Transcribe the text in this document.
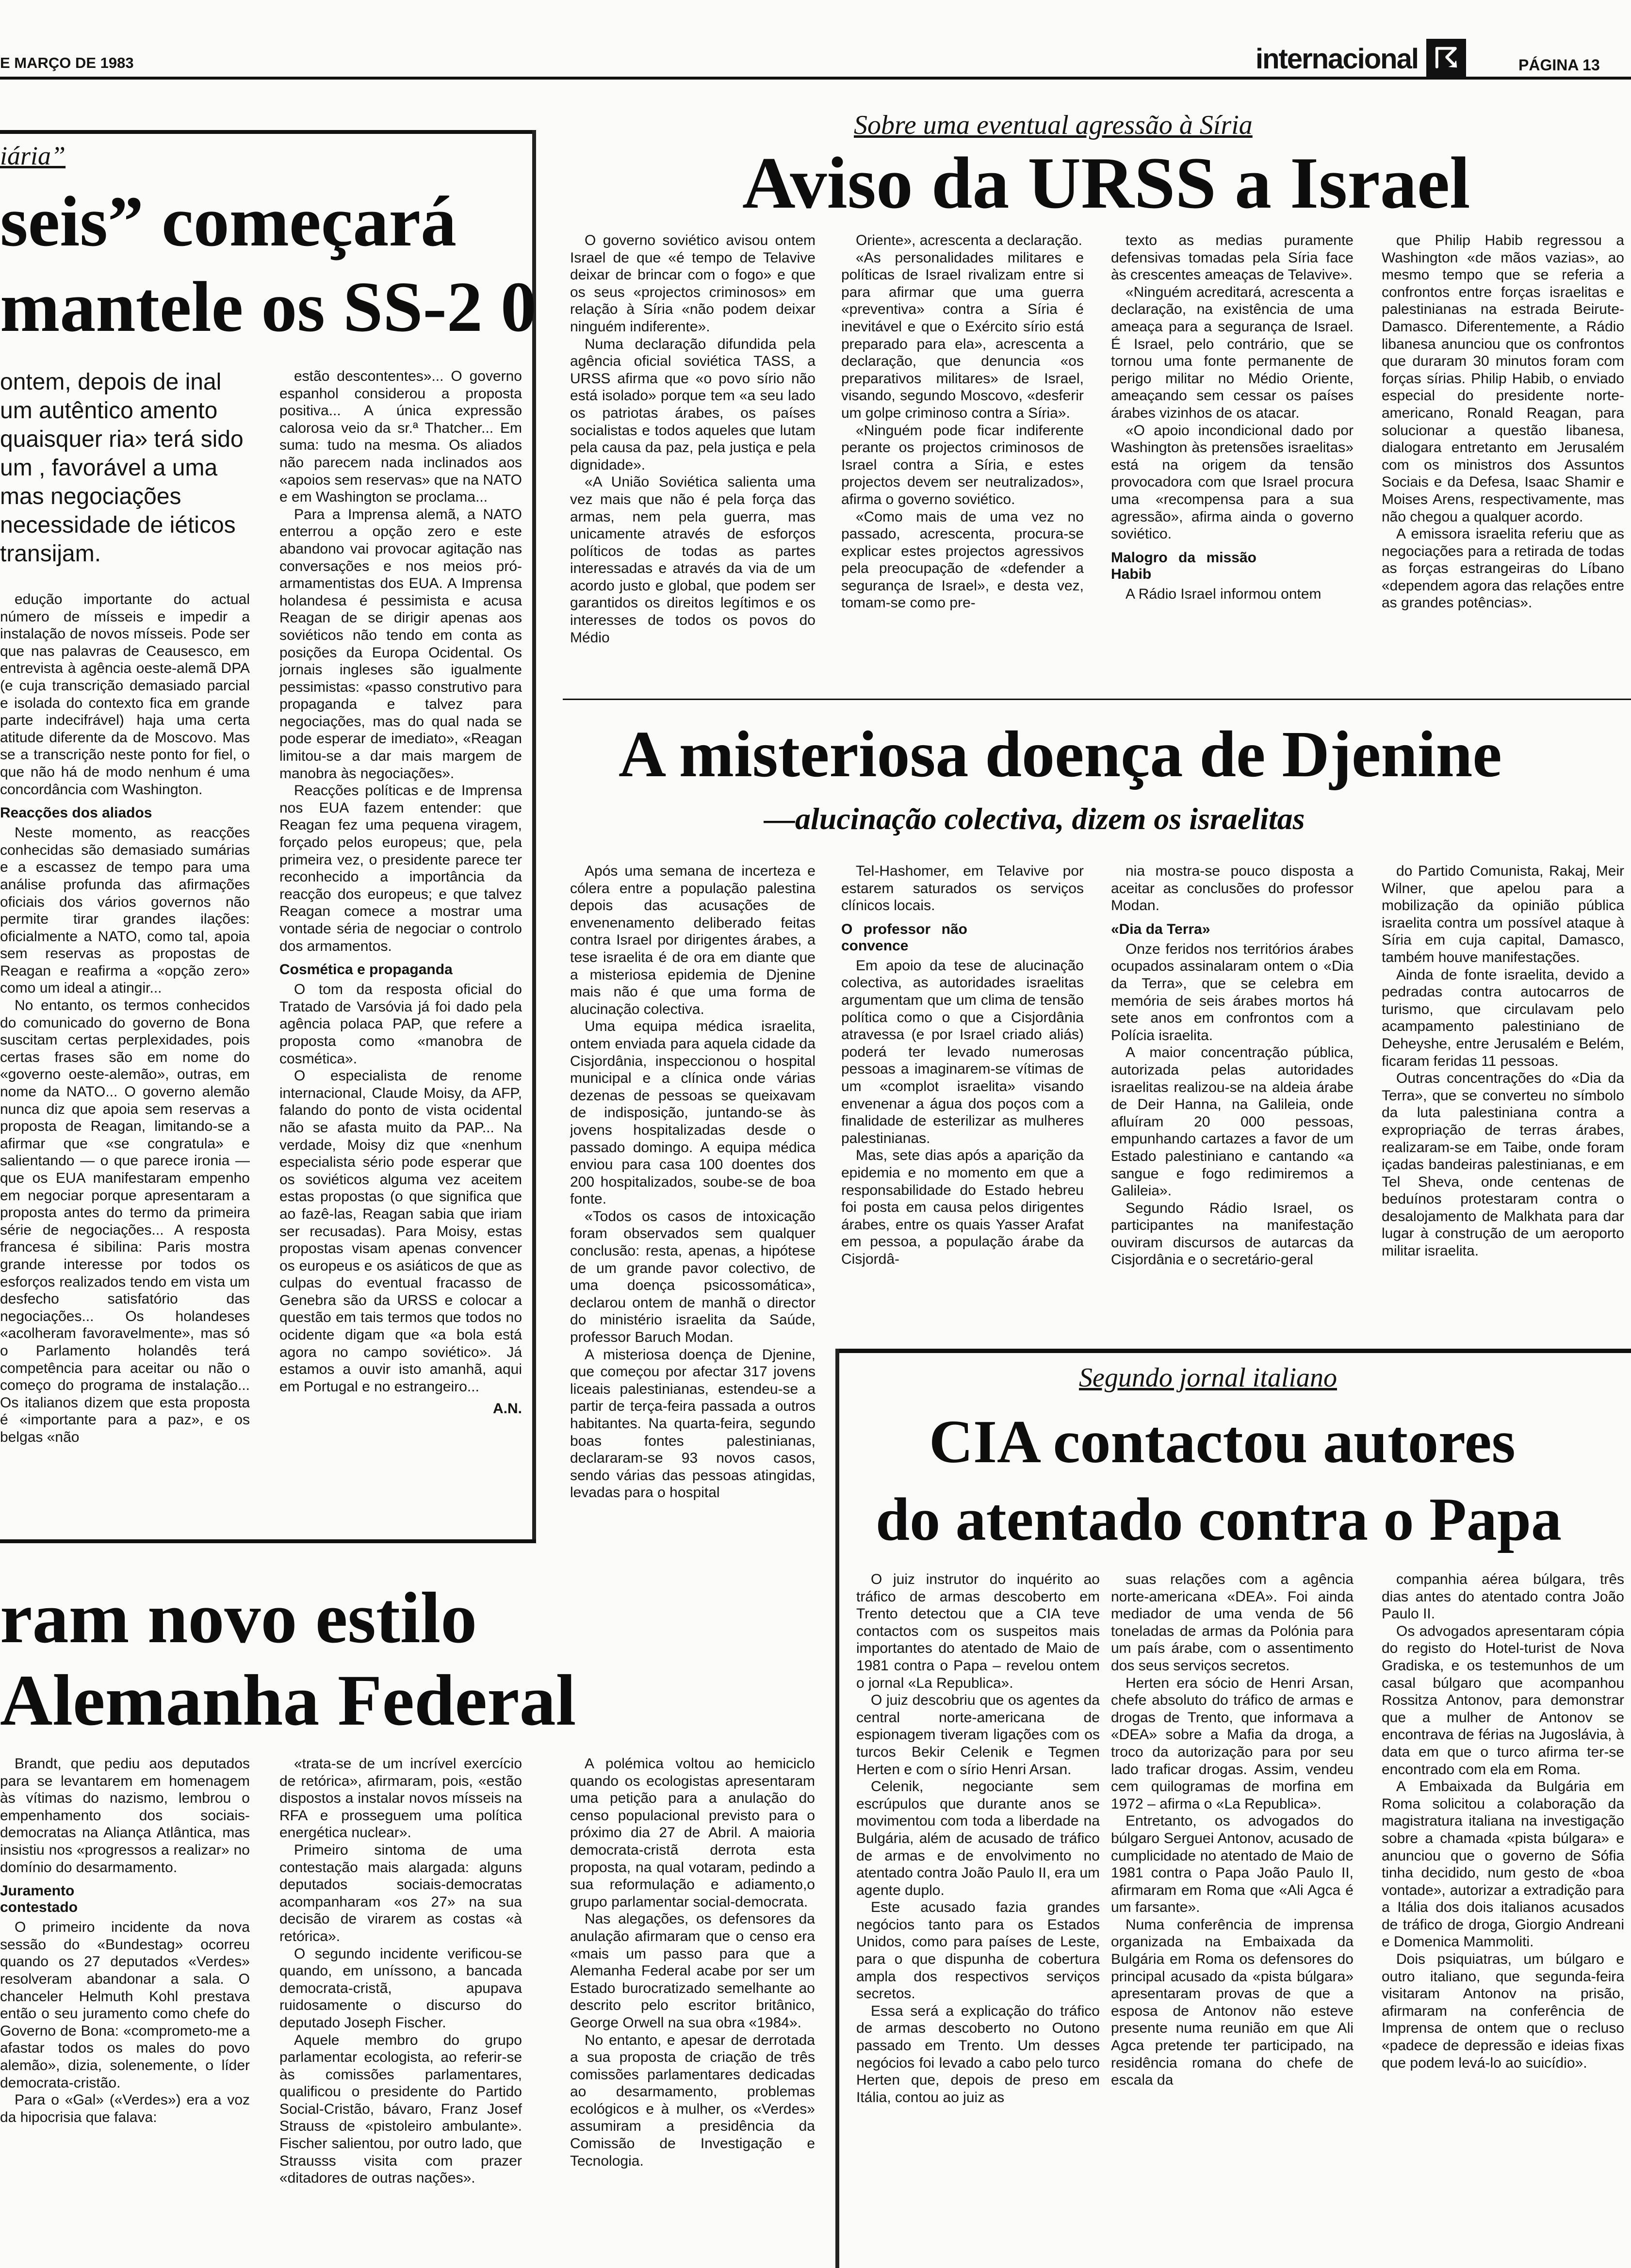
E MARÇO DE 1983	internacional ☈	PÁGINA 13
iária”
seis” começará
mantele os SS-2 0
ontem, depois de inal um autêntico amento quaisquer ria» terá sido um , favorável a uma mas negociações necessidade de iéticos transijam.

edução importante do actual número de mísseis e impedir a instalação de novos mísseis. Pode ser que nas palavras de Ceausesco, em entrevista à agência oeste-alemã DPA (e cuja transcrição demasiado parcial e isolada do contexto fica em grande parte indecifrável) haja uma certa atitude diferente da de Moscovo. Mas se a transcrição neste ponto for fiel, o que não há de modo nenhum é uma concordância com Washington.

Reacções dos aliados

Neste momento, as reacções conhecidas são demasiado sumárias e a escassez de tempo para uma análise profunda das afirmações oficiais dos vários governos não permite tirar grandes ilações: oficialmente a NATO, como tal, apoia sem reservas as propostas de Reagan e reafirma a «opção zero» como um ideal a atingir...

No entanto, os termos conhecidos do comunicado do governo de Bona suscitam certas perplexidades, pois certas frases são em nome do «governo oeste-alemão», outras, em nome da NATO... O governo alemão nunca diz que apoia sem reservas a proposta de Reagan, limitando-se a afirmar que «se congratula» e salientando — o que parece ironia — que os EUA manifestaram empenho em negociar porque apresentaram a proposta antes do termo da primeira série de negociações... A resposta francesa é sibilina: Paris mostra grande interesse por todos os esforços realizados tendo em vista um desfecho satisfatório das negociações... Os holandeses «acolheram favoravelmente», mas só o Parlamento holandês terá competência para aceitar ou não o começo do programa de instalação... Os italianos dizem que esta proposta é «importante para a paz», e os belgas «não

estão descontentes»... O governo espanhol considerou a proposta positiva... A única expressão calorosa veio da sr.ª Thatcher... Em suma: tudo na mesma. Os aliados não parecem nada inclinados aos «apoios sem reservas» que na NATO e em Washington se proclama...

Para a Imprensa alemã, a NATO enterrou a opção zero e este abandono vai provocar agitação nas conversações e nos meios pró-armamentistas dos EUA. A Imprensa holandesa é pessimista e acusa Reagan de se dirigir apenas aos soviéticos não tendo em conta as posições da Europa Ocidental. Os jornais ingleses são igualmente pessimistas: «passo construtivo para propaganda e talvez para negociações, mas do qual nada se pode esperar de imediato», «Reagan limitou-se a dar mais margem de manobra às negociações».

Reacções políticas e de Imprensa nos EUA fazem entender: que Reagan fez uma pequena viragem, forçado pelos europeus; que, pela primeira vez, o presidente parece ter reconhecido a importância da reacção dos europeus; e que talvez Reagan comece a mostrar uma vontade séria de negociar o controlo dos armamentos.

Cosmética e propaganda

O tom da resposta oficial do Tratado de Varsóvia já foi dado pela agência polaca PAP, que refere a proposta como «manobra de cosmética».

O especialista de renome internacional, Claude Moisy, da AFP, falando do ponto de vista ocidental não se afasta muito da PAP... Na verdade, Moisy diz que «nenhum especialista sério pode esperar que os soviéticos alguma vez aceitem estas propostas (o que significa que ao fazê-las, Reagan sabia que iriam ser recusadas). Para Moisy, estas propostas visam apenas convencer os europeus e os asiáticos de que as culpas do eventual fracasso de Genebra são da URSS e colocar a questão em tais termos que todos no ocidente digam que «a bola está agora no campo soviético». Já estamos a ouvir isto amanhã, aqui em Portugal e no estrangeiro...

A.N.

Sobre uma eventual agressão à Síria
Aviso da URSS a Israel

O governo soviético avisou ontem Israel de que «é tempo de Telavive deixar de brincar com o fogo» e que os seus «projectos criminosos» em relação à Síria «não podem deixar ninguém indiferente».

Numa declaração difundida pela agência oficial soviética TASS, a URSS afirma que «o povo sírio não está isolado» porque tem «a seu lado os patriotas árabes, os países socialistas e todos aqueles que lutam pela causa da paz, pela justiça e pela dignidade».

«A União Soviética salienta uma vez mais que não é pela força das armas, nem pela guerra, mas unicamente através de esforços políticos de todas as partes interessadas e através da via de um acordo justo e global, que podem ser garantidos os direitos legítimos e os interesses de todos os povos do Médio

Oriente», acrescenta a declaração.

«As personalidades militares e políticas de Israel rivalizam entre si para afirmar que uma guerra «preventiva» contra a Síria é inevitável e que o Exército sírio está preparado para ela», acrescenta a declaração, que denuncia «os preparativos militares» de Israel, visando, segundo Moscovo, «desferir um golpe criminoso contra a Síria».

«Ninguém pode ficar indiferente perante os projectos criminosos de Israel contra a Síria, e estes projectos devem ser neutralizados», afirma o governo soviético.

«Como mais de uma vez no passado, acrescenta, procura-se explicar estes projectos agressivos pela preocupação de «defender a segurança de Israel», e desta vez, tomam-se como pre-

texto as medias puramente defensivas tomadas pela Síria face às crescentes ameaças de Telavive».

«Ninguém acreditará, acrescenta a declaração, na existência de uma ameaça para a segurança de Israel. É Israel, pelo contrário, que se tornou uma fonte permanente de perigo militar no Médio Oriente, ameaçando sem cessar os países árabes vizinhos de os atacar.

«O apoio incondicional dado por Washington às pretensões israelitas» está na origem da tensão provocadora com que Israel procura uma «recompensa para a sua agressão», afirma ainda o governo soviético.

Malogro da missão Habib

A Rádio Israel informou ontem

que Philip Habib regressou a Washington «de mãos vazias», ao mesmo tempo que se referia a confrontos entre forças israelitas e palestinianas na estrada Beirute-Damasco. Diferentemente, a Rádio libanesa anunciou que os confrontos que duraram 30 minutos foram com forças sírias. Philip Habib, o enviado especial do presidente norte-americano, Ronald Reagan, para solucionar a questão libanesa, dialogara entretanto em Jerusalém com os ministros dos Assuntos Sociais e da Defesa, Isaac Shamir e Moises Arens, respectivamente, mas não chegou a qualquer acordo.

A emissora israelita referiu que as negociações para a retirada de todas as forças estrangeiras do Líbano «dependem agora das relações entre as grandes potências».

A misteriosa doença de Djenine
—alucinação colectiva, dizem os israelitas

Após uma semana de incerteza e cólera entre a população palestina depois das acusações de envenenamento deliberado feitas contra Israel por dirigentes árabes, a tese israelita é de ora em diante que a misteriosa epidemia de Djenine mais não é que uma forma de alucinação colectiva.

Uma equipa médica israelita, ontem enviada para aquela cidade da Cisjordânia, inspeccionou o hospital municipal e a clínica onde várias dezenas de pessoas se queixavam de indisposição, juntando-se às jovens hospitalizadas desde o passado domingo. A equipa médica enviou para casa 100 doentes dos 200 hospitalizados, soube-se de boa fonte.

«Todos os casos de intoxicação foram observados sem qualquer conclusão: resta, apenas, a hipótese de um grande pavor colectivo, de uma doença psicossomática», declarou ontem de manhã o director do ministério israelita da Saúde, professor Baruch Modan.

A misteriosa doença de Djenine, que começou por afectar 317 jovens liceais palestinianas, estendeu-se a partir de terça-feira passada a outros habitantes. Na quarta-feira, segundo boas fontes palestinianas, declararam-se 93 novos casos, sendo várias das pessoas atingidas, levadas para o hospital

Tel-Hashomer, em Telavive por estarem saturados os serviços clínicos locais.

O professor não convence

Em apoio da tese de alucinação colectiva, as autoridades israelitas argumentam que um clima de tensão política como o que a Cisjordânia atravessa (e por Israel criado aliás) poderá ter levado numerosas pessoas a imaginarem-se vítimas de um «complot israelita» visando envenenar a água dos poços com a finalidade de esterilizar as mulheres palestinianas.

Mas, sete dias após a aparição da epidemia e no momento em que a responsabilidade do Estado hebreu foi posta em causa pelos dirigentes árabes, entre os quais Yasser Arafat em pessoa, a população árabe da Cisjordâ-

nia mostra-se pouco disposta a aceitar as conclusões do professor Modan.

«Dia da Terra»

Onze feridos nos territórios árabes ocupados assinalaram ontem o «Dia da Terra», que se celebra em memória de seis árabes mortos há sete anos em confrontos com a Polícia israelita.

A maior concentração pública, autorizada pelas autoridades israelitas realizou-se na aldeia árabe de Deir Hanna, na Galileia, onde afluíram 20 000 pessoas, empunhando cartazes a favor de um Estado palestiniano e cantando «a sangue e fogo redimiremos a Galileia».

Segundo Rádio Israel, os participantes na manifestação ouviram discursos de autarcas da Cisjordânia e o secretário-geral

do Partido Comunista, Rakaj, Meir Wilner, que apelou para a mobilização da opinião pública israelita contra um possível ataque à Síria em cuja capital, Damasco, também houve manifestações.

Ainda de fonte israelita, devido a pedradas contra autocarros de turismo, que circulavam pelo acampamento palestiniano de Deheyshe, entre Jerusalém e Belém, ficaram feridas 11 pessoas.

Outras concentrações do «Dia da Terra», que se converteu no símbolo da luta palestiniana contra a expropriação de terras árabes, realizaram-se em Taibe, onde foram içadas bandeiras palestinianas, e em Tel Sheva, onde centenas de beduínos protestaram contra o desalojamento de Malkhata para dar lugar à construção de um aeroporto militar israelita.

Segundo jornal italiano
CIA contactou autores
do atentado contra o Papa

O juiz instrutor do inquérito ao tráfico de armas descoberto em Trento detectou que a CIA teve contactos com os suspeitos mais importantes do atentado de Maio de 1981 contra o Papa – revelou ontem o jornal «La Republica».

O juiz descobriu que os agentes da central norte-americana de espionagem tiveram ligações com os turcos Bekir Celenik e Tegmen Herten e com o sírio Henri Arsan.

Celenik, negociante sem escrúpulos que durante anos se movimentou com toda a liberdade na Bulgária, além de acusado de tráfico de armas e de envolvimento no atentado contra João Paulo II, era um agente duplo.

Este acusado fazia grandes negócios tanto para os Estados Unidos, como para países de Leste, para o que dispunha de cobertura ampla dos respectivos serviços secretos.

Essa será a explicação do tráfico de armas descoberto no Outono passado em Trento. Um desses negócios foi levado a cabo pelo turco Herten que, depois de preso em Itália, contou ao juiz as

suas relações com a agência norte-americana «DEA». Foi ainda mediador de uma venda de 56 toneladas de armas da Polónia para um país árabe, com o assentimento dos seus serviços secretos.

Herten era sócio de Henri Arsan, chefe absoluto do tráfico de armas e drogas de Trento, que informava a «DEA» sobre a Mafia da droga, a troco da autorização para por seu lado traficar drogas. Assim, vendeu cem quilogramas de morfina em 1972 – afirma o «La Republica».

Entretanto, os advogados do búlgaro Serguei Antonov, acusado de cumplicidade no atentado de Maio de 1981 contra o Papa João Paulo II, afirmaram em Roma que «Ali Agca é um farsante».

Numa conferência de imprensa organizada na Embaixada da Bulgária em Roma os defensores do principal acusado da «pista búlgara» apresentaram provas de que a esposa de Antonov não esteve presente numa reunião em que Ali Agca pretende ter participado, na residência romana do chefe de escala da

companhia aérea búlgara, três dias antes do atentado contra João Paulo II.

Os advogados apresentaram cópia do registo do Hotel-turist de Nova Gradiska, e os testemunhos de um casal búlgaro que acompanhou Rossitza Antonov, para demonstrar que a mulher de Antonov se encontrava de férias na Jugoslávia, à data em que o turco afirma ter-se encontrado com ela em Roma.

A Embaixada da Bulgária em Roma solicitou a colaboração da magistratura italiana na investigação sobre a chamada «pista búlgara» e anunciou que o governo de Sófia tinha decidido, num gesto de «boa vontade», autorizar a extradição para a Itália dos dois italianos acusados de tráfico de droga, Giorgio Andreani e Domenica Mammoliti.

Dois psiquiatras, um búlgaro e outro italiano, que segunda-feira visitaram Antonov na prisão, afirmaram na conferência de Imprensa de ontem que o recluso «padece de depressão e ideias fixas que podem levá-lo ao suicídio».

ram novo estilo
Alemanha Federal

Brandt, que pediu aos deputados para se levantarem em homenagem às vítimas do nazismo, lembrou o empenhamento dos sociais-democratas na Aliança Atlântica, mas insistiu nos «progressos a realizar» no domínio do desarmamento.

Juramento contestado

O primeiro incidente da nova sessão do «Bundestag» ocorreu quando os 27 deputados «Verdes» resolveram abandonar a sala. O chanceler Helmuth Kohl prestava então o seu juramento como chefe do Governo de Bona: «comprometo-me a afastar todos os males do povo alemão», dizia, solenemente, o líder democrata-cristão.

Para o «Gal» («Verdes») era a voz da hipocrisia que falava:

«trata-se de um incrível exercício de retórica», afirmaram, pois, «estão dispostos a instalar novos mísseis na RFA e prosseguem uma política energética nuclear».

Primeiro sintoma de uma contestação mais alargada: alguns deputados sociais-democratas acompanharam «os 27» na sua decisão de virarem as costas «à retórica».

O segundo incidente verificou-se quando, em uníssono, a bancada democrata-cristã, apupava ruidosamente o discurso do deputado Joseph Fischer.

Aquele membro do grupo parlamentar ecologista, ao referir-se às comissões parlamentares, qualificou o presidente do Partido Social-Cristão, bávaro, Franz Josef Strauss de «pistoleiro ambulante». Fischer salientou, por outro lado, que Strausss visita com prazer «ditadores de outras nações».

A polémica voltou ao hemiciclo quando os ecologistas apresentaram uma petição para a anulação do censo populacional previsto para o próximo dia 27 de Abril. A maioria democrata-cristã derrota esta proposta, na qual votaram, pedindo a sua reformulação e adiamento,o grupo parlamentar social-democrata.

Nas alegações, os defensores da anulação afirmaram que o censo era «mais um passo para que a Alemanha Federal acabe por ser um Estado burocratizado semelhante ao descrito pelo escritor britânico, George Orwell na sua obra «1984».

No entanto, e apesar de derrotada a sua proposta de criação de três comissões parlamentares dedicadas ao desarmamento, problemas ecológicos e à mulher, os «Verdes» assumiram a presidência da Comissão de Investigação e Tecnologia.
